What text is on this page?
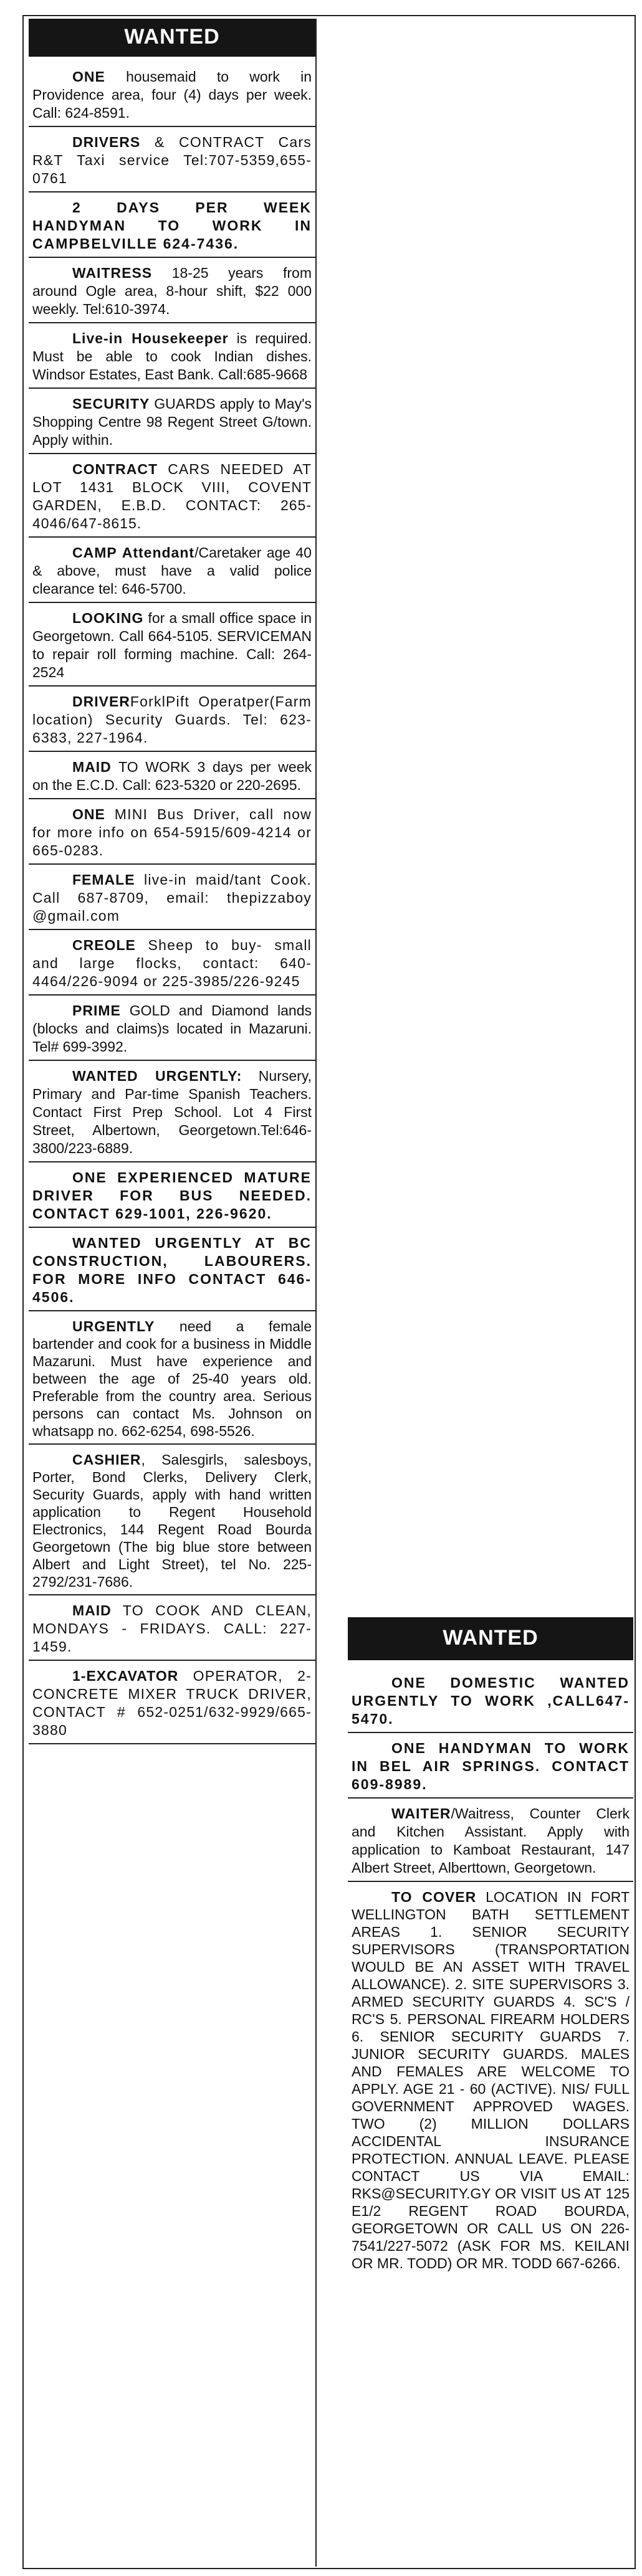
WANTED

ONE housemaid to work in Providence area, four (4) days per week. Call: 624-8591.

DRIVERS & CONTRACT Cars R&T Taxi service Tel:707-5359,655-0761

2 DAYS PER WEEK HANDYMAN TO WORK IN CAMPBELVILLE 624-7436.

WAITRESS 18-25 years from around Ogle area, 8-hour shift, $22 000 weekly. Tel:610-3974.

Live-in Housekeeper is required. Must be able to cook Indian dishes. Windsor Estates, East Bank. Call:685-9668

SECURITY GUARDS apply to May's Shopping Centre 98 Regent Street G/town. Apply within.

CONTRACT CARS NEEDED AT LOT 1431 BLOCK VIII, COVENT GARDEN, E.B.D. CONTACT: 265-4046/647-8615.

CAMP Attendant/Caretaker age 40 & above, must have a valid police clearance tel: 646-5700.

LOOKING for a small office space in Georgetown. Call 664-5105. SERVICEMAN to repair roll forming machine. Call: 264-2524

DRIVERForklPift Operatper(Farm location) Security Guards. Tel: 623-6383, 227-1964.

MAID TO WORK 3 days per week on the E.C.D. Call: 623-5320 or 220-2695.

ONE MINI Bus Driver, call now for more info on 654-5915/609-4214 or 665-0283.

FEMALE live-in maid/tant Cook. Call 687-8709, email: thepizzaboy @gmail.com

CREOLE Sheep to buy- small and large flocks, contact: 640-4464/226-9094 or 225-3985/226-9245

PRIME GOLD and Diamond lands (blocks and claims)s located in Mazaruni. Tel# 699-3992.

WANTED URGENTLY: Nursery, Primary and Par-time Spanish Teachers. Contact First Prep School. Lot 4 First Street, Albertown, Georgetown.Tel:646-3800/223-6889.

ONE EXPERIENCED MATURE DRIVER FOR BUS NEEDED. CONTACT 629-1001, 226-9620.

WANTED URGENTLY AT BC CONSTRUCTION, LABOURERS. FOR MORE INFO CONTACT 646-4506.

URGENTLY need a female bartender and cook for a business in Middle Mazaruni. Must have experience and between the age of 25-40 years old. Preferable from the country area. Serious persons can contact Ms. Johnson on whatsapp no. 662-6254, 698-5526.

CASHIER, Salesgirls, salesboys, Porter, Bond Clerks, Delivery Clerk, Security Guards, apply with hand written application to Regent Household Electronics, 144 Regent Road Bourda Georgetown (The big blue store between Albert and Light Street), tel No. 225-2792/231-7686.

MAID TO COOK AND CLEAN, MONDAYS - FRIDAYS. CALL: 227-1459.

1-EXCAVATOR OPERATOR, 2- CONCRETE MIXER TRUCK DRIVER, CONTACT # 652-0251/632-9929/665-3880

WANTED

ONE DOMESTIC WANTED URGENTLY TO WORK ,CALL647-5470.

ONE HANDYMAN TO WORK IN BEL AIR SPRINGS. CONTACT 609-8989.

WAITER/Waitress, Counter Clerk and Kitchen Assistant. Apply with application to Kamboat Restaurant, 147 Albert Street, Alberttown, Georgetown.

TO COVER LOCATION IN FORT WELLINGTON BATH SETTLEMENT AREAS 1. SENIOR SECURITY SUPERVISORS (TRANSPORTATION WOULD BE AN ASSET WITH TRAVEL ALLOWANCE). 2. SITE SUPERVISORS 3. ARMED SECURITY GUARDS 4. SC'S / RC'S 5. PERSONAL FIREARM HOLDERS 6. SENIOR SECURITY GUARDS 7. JUNIOR SECURITY GUARDS. MALES AND FEMALES ARE WELCOME TO APPLY. AGE 21 - 60 (ACTIVE). NIS/ FULL GOVERNMENT APPROVED WAGES. TWO (2) MILLION DOLLARS ACCIDENTAL INSURANCE PROTECTION. ANNUAL LEAVE. PLEASE CONTACT US VIA EMAIL: RKS@SECURITY.GY OR VISIT US AT 125 E1/2 REGENT ROAD BOURDA, GEORGETOWN OR CALL US ON 226-7541/227-5072 (ASK FOR MS. KEILANI OR MR. TODD) OR MR. TODD 667-6266.
